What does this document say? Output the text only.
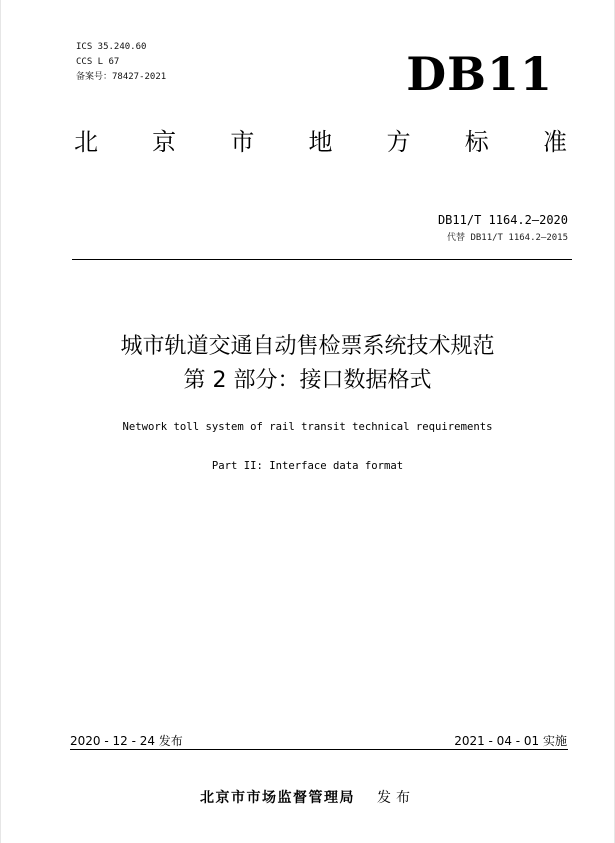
ICS 35.240.60
CCS L 67
备案号：78427-2021	DB11
北 京 市 地 方 标 准
DB11/T 1164.2—2020
代替 DB11/T 1164.2—2015
城市轨道交通自动售检票系统技术规范
第 2 部分：接口数据格式
Network toll system of rail transit technical requirements
Part II: Interface data format
2020 - 12 - 24 发布	2021 - 04 - 01 实施
北京市市场监督管理局 发布
